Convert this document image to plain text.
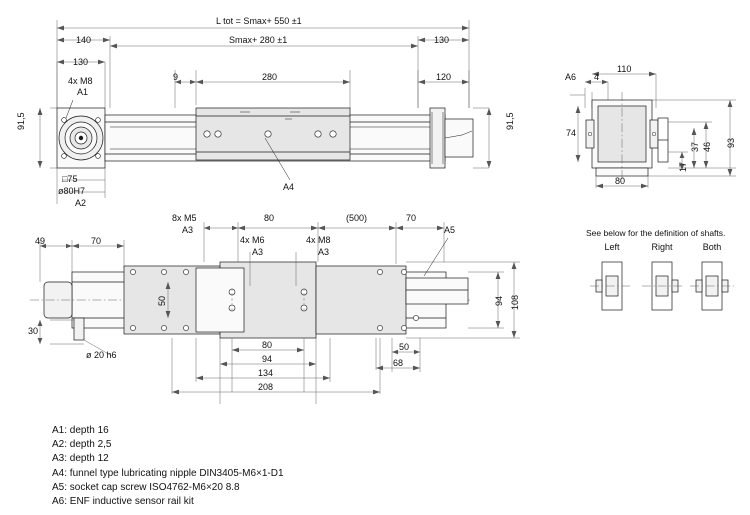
L tot = Smax+ 550 ±1
Smax+ 280 ±1
140	130
130
9	280	120
91,5	91,5
□75
ø80H7
4x M8
A1
A2
A4
A6 4
110
74
80
37 46
17
93
See below for the definition of shafts.
Left	Right	Both
8x M5
A3
80	(500)	70
4x M6
A3
4x M8
A3
A5
49	70
30
ø 20 h6
50	94 108
80
94
134
208
50
68
A1: depth 16
A2: depth 2,5
A3: depth 12
A4: funnel type lubricating nipple DIN3405-M6×1-D1
A5: socket cap screw ISO4762-M6×20 8.8
A6: ENF inductive sensor rail kit
